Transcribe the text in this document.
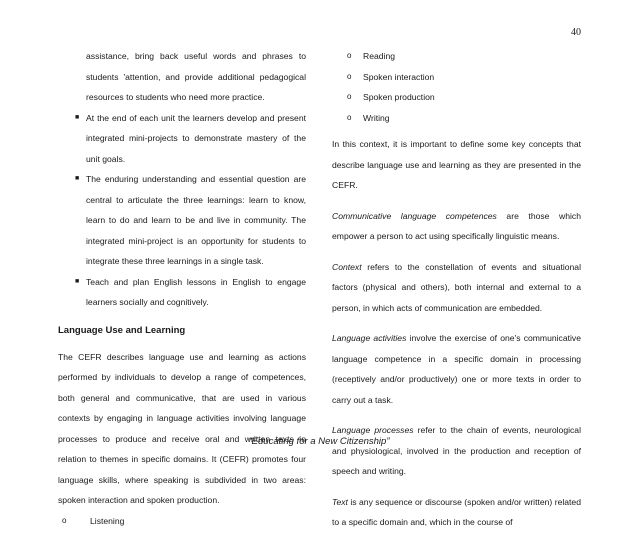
40

assistance, bring back useful words and phrases to students 'attention, and provide additional pedagogical resources to students who need more practice.

■ At the end of each unit the learners develop and present integrated mini-projects to demonstrate mastery of the unit goals.
■ The enduring understanding and essential question are central to articulate the three learnings: learn to know, learn to do and learn to be and live in community. The integrated mini-project is an opportunity for students to integrate these three learnings in a single task.
■ Teach and plan English lessons in English to engage learners socially and cognitively.
Language Use and Learning

The CEFR describes language use and learning as actions performed by individuals to develop a range of competences, both general and communicative, that are used in various contexts by engaging in language activities involving language processes to produce and receive oral and written texts in relation to themes in specific domains. It (CEFR) promotes four language skills, where speaking is subdivided in two areas: spoken interaction and spoken production.

o	Listening
o Reading
o Spoken interaction
o Spoken production
o Writing

In this context, it is important to define some key concepts that describe language use and learning as they are presented in the CEFR.

Communicative language competences are those which empower a person to act using specifically linguistic means.

Context refers to the constellation of events and situational factors (physical and others), both internal and external to a person, in which acts of communication are embedded.

Language activities involve the exercise of one's communicative language competence in a specific domain in processing (receptively and/or productively) one or more texts in order to carry out a task.

Language processes refer to the chain of events, neurological and physiological, involved in the production and reception of speech and writing.

Text is any sequence or discourse (spoken and/or written) related to a specific domain and, which in the course of

“Educating for a New Citizenship”
